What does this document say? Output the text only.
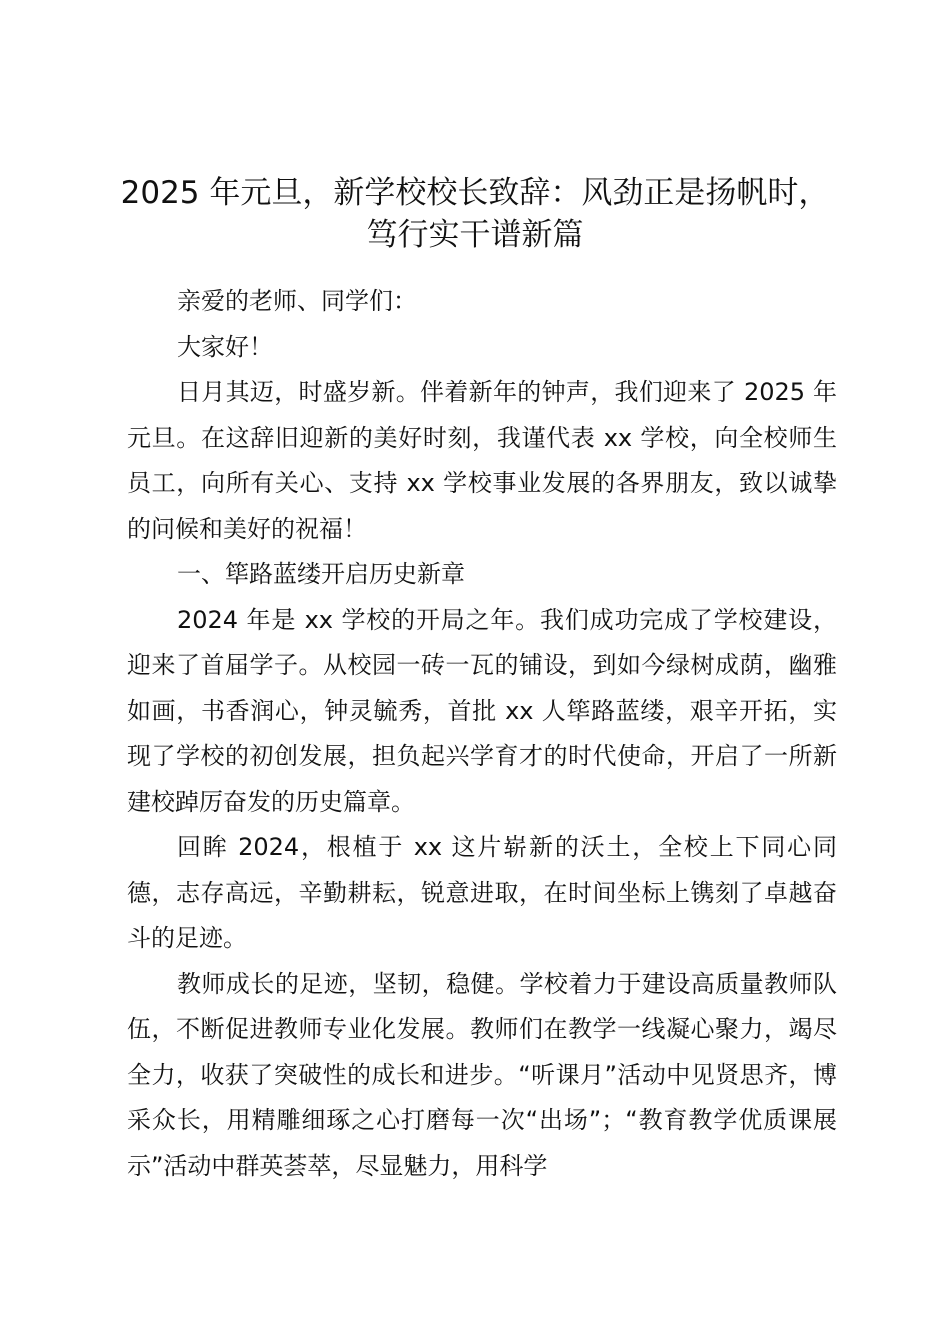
2025 年元旦，新学校校长致辞：风劲正是扬帆时，笃行实干谱新篇

亲爱的老师、同学们：

大家好！

日月其迈，时盛岁新。伴着新年的钟声，我们迎来了 2025 年元旦。在这辞旧迎新的美好时刻，我谨代表 xx 学校，向全校师生员工，向所有关心、支持 xx 学校事业发展的各界朋友，致以诚挚的问候和美好的祝福！

一、筚路蓝缕开启历史新章

2024 年是 xx 学校的开局之年。我们成功完成了学校建设，迎来了首届学子。从校园一砖一瓦的铺设，到如今绿树成荫，幽雅如画，书香润心，钟灵毓秀，首批 xx 人筚路蓝缕，艰辛开拓，实现了学校的初创发展，担负起兴学育才的时代使命，开启了一所新建校踔厉奋发的历史篇章。

回眸 2024，根植于 xx 这片崭新的沃土，全校上下同心同德，志存高远，辛勤耕耘，锐意进取，在时间坐标上镌刻了卓越奋斗的足迹。

教师成长的足迹，坚韧，稳健。学校着力于建设高质量教师队伍，不断促进教师专业化发展。教师们在教学一线凝心聚力，竭尽全力，收获了突破性的成长和进步。“听课月”活动中见贤思齐，博采众长，用精雕细琢之心打磨每一次“出场”；“教育教学优质课展示”活动中群英荟萃，尽显魅力，用科学
